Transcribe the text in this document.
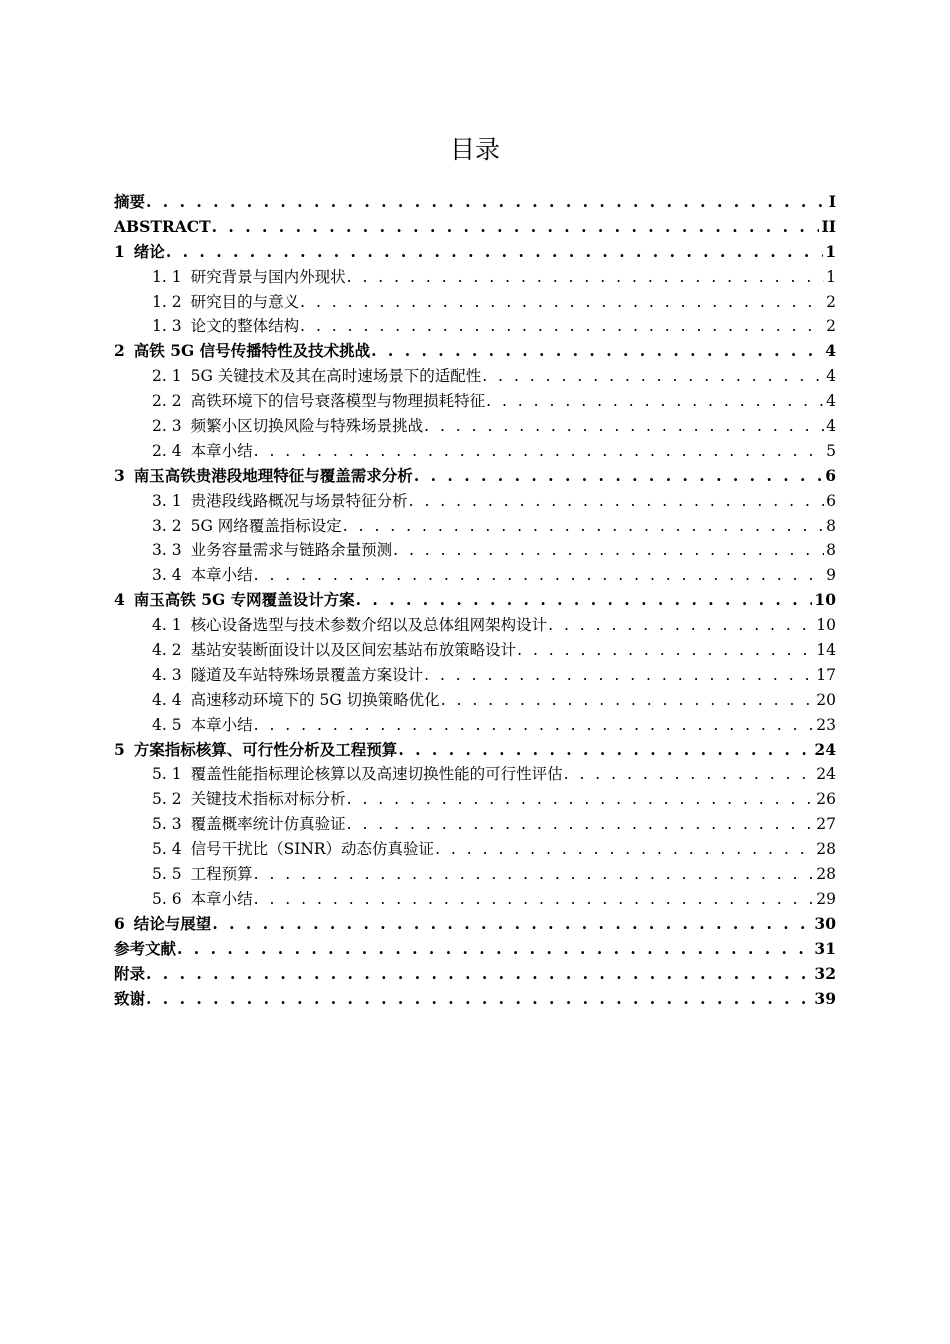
目录
摘要 . . .	I
ABSTRACT . . .	II
1 绪论 . . .	1
1. 1 研究背景与国内外现状 . . .	1
1. 2 研究目的与意义 . . .	2
1. 3 论文的整体结构 . . .	2
2 高铁 5G 信号传播特性及技术挑战 . . .	4
2. 1 5G 关键技术及其在高时速场景下的适配性 . . .	4
2. 2 高铁环境下的信号衰落模型与物理损耗特征 . . .	4
2. 3 频繁小区切换风险与特殊场景挑战 . . .	4
2. 4 本章小结 . . .	5
3 南玉高铁贵港段地理特征与覆盖需求分析 . . .	6
3. 1 贵港段线路概况与场景特征分析 . . .	6
3. 2 5G 网络覆盖指标设定 . . .	8
3. 3 业务容量需求与链路余量预测 . . .	8
3. 4 本章小结 . . .	9
4 南玉高铁 5G 专网覆盖设计方案 . . .	10
4. 1 核心设备选型与技术参数介绍以及总体组网架构设计 . . .	10
4. 2 基站安装断面设计以及区间宏基站布放策略设计 . . .	14
4. 3 隧道及车站特殊场景覆盖方案设计 . . .	17
4. 4 高速移动环境下的 5G 切换策略优化 . . .	20
4. 5 本章小结 . . .	23
5 方案指标核算、可行性分析及工程预算 . . .	24
5. 1 覆盖性能指标理论核算以及高速切换性能的可行性评估 . . .	24
5. 2 关键技术指标对标分析 . . .	26
5. 3 覆盖概率统计仿真验证 . . .	27
5. 4 信号干扰比（SINR）动态仿真验证 . . .	28
5. 5 工程预算 . . .	28
5. 6 本章小结 . . .	29
6 结论与展望 . . .	30
参考文献 . . .	31
附录 . . .	32
致谢 . . .	39
